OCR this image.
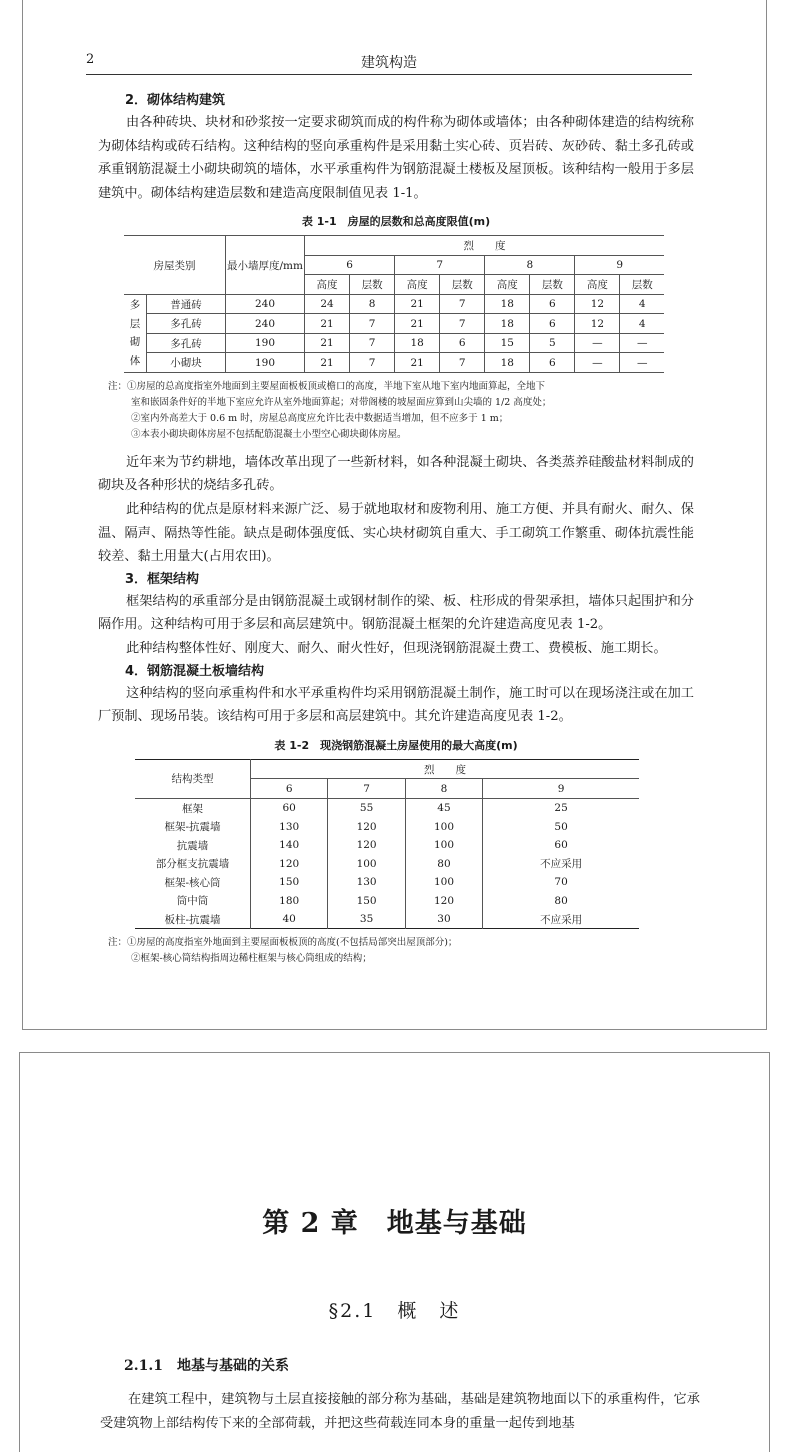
2	建筑构造
2．砌体结构建筑

由各种砖块、块材和砂浆按一定要求砌筑而成的构件称为砌体或墙体；由各种砌体建造的结构统称为砌体结构或砖石结构。这种结构的竖向承重构件是采用黏土实心砖、页岩砖、灰砂砖、黏土多孔砖或承重钢筋混凝土小砌块砌筑的墙体，水平承重构件为钢筋混凝土楼板及屋顶板。该种结构一般用于多层建筑中。砌体结构建造层数和建造高度限制值见表 1-1。

表 1-1　房屋的层数和总高度限值(m)
房屋类别		最小墙厚度/mm	烈　　度							
			6		7		8		9	
			高度	层数	高度	层数	高度	层数	高度	层数

多
层
砌
体	普通砖	240	24	8	21	7	18	6	12	4
	多孔砖	240	21	7	21	7	18	6	12	4
	多孔砖	190	21	7	18	6	15	5	—	—
	小砌块	190	21	7	21	7	18	6	—	—
注：①房屋的总高度指室外地面到主要屋面板板顶或檐口的高度，半地下室从地下室内地面算起，全地下
室和嵌固条件好的半地下室应允许从室外地面算起；对带阁楼的坡屋面应算到山尖墙的 1/2 高度处；
②室内外高差大于 0.6 m 时，房屋总高度应允许比表中数据适当增加，但不应多于 1 m；
③本表小砌块砌体房屋不包括配筋混凝土小型空心砌块砌体房屋。

近年来为节约耕地，墙体改革出现了一些新材料，如各种混凝土砌块、各类蒸养硅酸盐材料制成的砌块及各种形状的烧结多孔砖。

此种结构的优点是原材料来源广泛、易于就地取材和废物利用、施工方便、并具有耐火、耐久、保温、隔声、隔热等性能。缺点是砌体强度低、实心块材砌筑自重大、手工砌筑工作繁重、砌体抗震性能较差、黏土用量大(占用农田)。

3．框架结构

框架结构的承重部分是由钢筋混凝土或钢材制作的梁、板、柱形成的骨架承担，墙体只起围护和分隔作用。这种结构可用于多层和高层建筑中。钢筋混凝土框架的允许建造高度见表 1-2。

此种结构整体性好、刚度大、耐久、耐火性好，但现浇钢筋混凝土费工、费模板、施工期长。

4．钢筋混凝土板墙结构

这种结构的竖向承重构件和水平承重构件均采用钢筋混凝土制作，施工时可以在现场浇注或在加工厂预制、现场吊装。该结构可用于多层和高层建筑中。其允许建造高度见表 1-2。

表 1-2　现浇钢筋混凝土房屋使用的最大高度(m)
结构类型	烈　　度			
	6	7	8	9
框架	60	55	45	25
框架-抗震墙	130	120	100	50
抗震墙	140	120	100	60
部分框支抗震墙	120	100	80	不应采用
框架-核心筒	150	130	100	70
筒中筒	180	150	120	80
板柱-抗震墙	40	35	30	不应采用
注：①房屋的高度指室外地面到主要屋面板板顶的高度(不包括局部突出屋顶部分)；
②框架-核心筒结构指周边稀柱框架与核心筒组成的结构；
第 2 章　地基与基础
§2.1　概　述
2.1.1　地基与基础的关系

在建筑工程中，建筑物与土层直接接触的部分称为基础，基础是建筑物地面以下的承重构件，它承受建筑物上部结构传下来的全部荷载，并把这些荷载连同本身的重量一起传到地基
